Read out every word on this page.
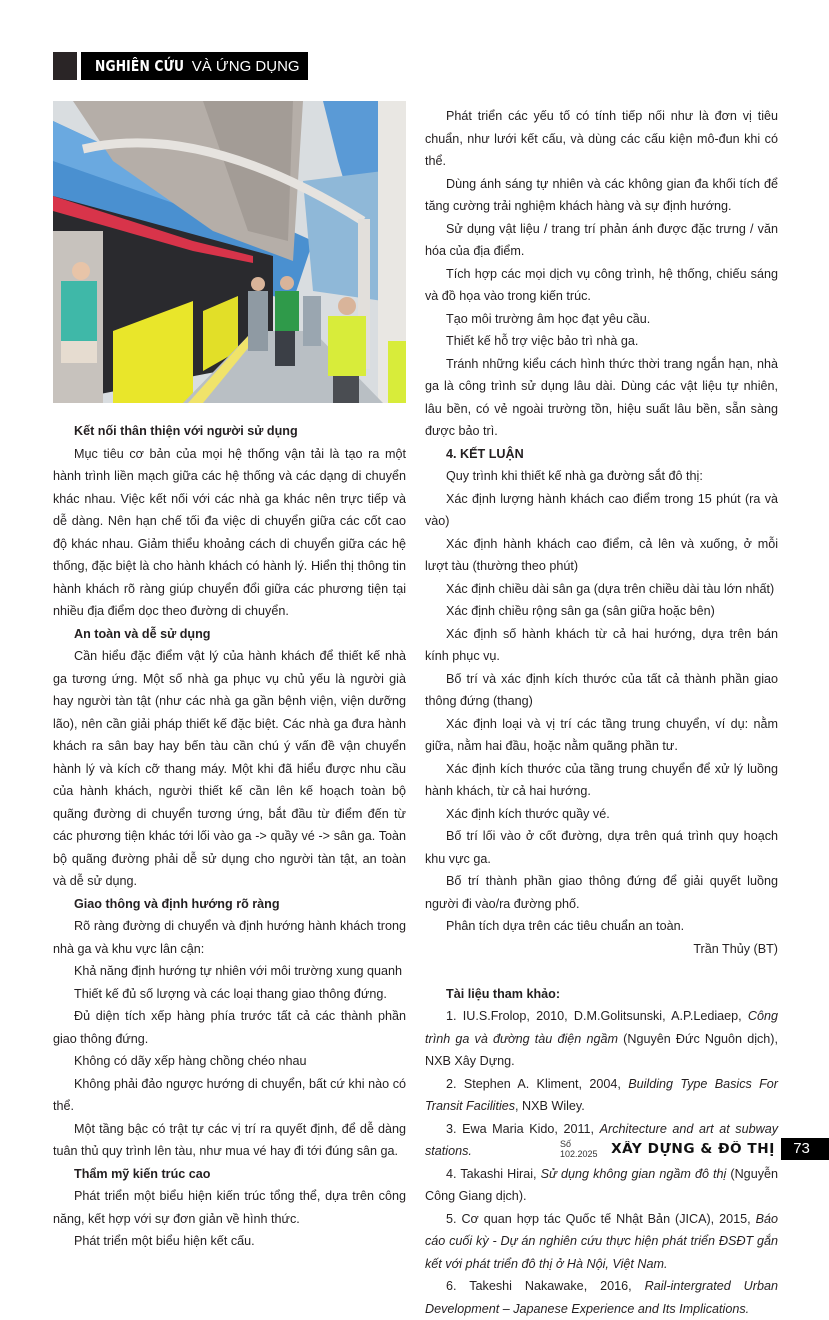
NGHIÊN CỨU VÀ ỨNG DỤNG

Kết nối thân thiện với người sử dụng

Mục tiêu cơ bản của mọi hệ thống vận tải là tạo ra một hành trình liền mạch giữa các hệ thống và các dạng di chuyển khác nhau. Việc kết nối với các nhà ga khác nên trực tiếp và dễ dàng. Nên hạn chế tối đa việc di chuyển giữa các cốt cao độ khác nhau. Giảm thiểu khoảng cách di chuyển giữa các hệ thống, đặc biệt là cho hành khách có hành lý. Hiển thị thông tin hành khách rõ ràng giúp chuyển đổi giữa các phương tiện tại nhiều địa điểm dọc theo đường di chuyển.

An toàn và dễ sử dụng

Cần hiểu đặc điểm vật lý của hành khách để thiết kế nhà ga tương ứng. Một số nhà ga phục vụ chủ yếu là người già hay người tàn tật (như các nhà ga gần bệnh viện, viện dưỡng lão), nên cần giải pháp thiết kế đặc biệt. Các nhà ga đưa hành khách ra sân bay hay bến tàu cần chú ý vấn đề vận chuyển hành lý và kích cỡ thang máy. Một khi đã hiểu được nhu cầu của hành khách, người thiết kế cần lên kế hoạch toàn bộ quãng đường di chuyển tương ứng, bắt đầu từ điểm đến từ các phương tiện khác tới lối vào ga -> quầy vé -> sân ga. Toàn bộ quãng đường phải dễ sử dụng cho người tàn tật, an toàn và dễ sử dụng.

Giao thông và định hướng rõ ràng

Rõ ràng đường di chuyển và định hướng hành khách trong nhà ga và khu vực lân cận:

Khả năng định hướng tự nhiên với môi trường xung quanh

Thiết kế đủ số lượng và các loại thang giao thông đứng.

Đủ diện tích xếp hàng phía trước tất cả các thành phần giao thông đứng.

Không có dãy xếp hàng chồng chéo nhau

Không phải đảo ngược hướng di chuyển, bất cứ khi nào có thể.

Một tầng bậc có trật tự các vị trí ra quyết định, để dễ dàng tuân thủ quy trình lên tàu, như mua vé hay đi tới đúng sân ga.

Thẩm mỹ kiến trúc cao

Phát triển một biểu hiện kiến trúc tổng thể, dựa trên công năng, kết hợp với sự đơn giản về hình thức.

Phát triển một biểu hiện kết cấu.

Phát triển các yếu tố có tính tiếp nối như là đơn vị tiêu chuẩn, như lưới kết cấu, và dùng các cấu kiện mô-đun khi có thể.

Dùng ánh sáng tự nhiên và các không gian đa khối tích để tăng cường trải nghiệm khách hàng và sự định hướng.

Sử dụng vật liệu / trang trí phản ánh được đặc trưng / văn hóa của địa điểm.

Tích hợp các mọi dịch vụ công trình, hệ thống, chiếu sáng và đồ họa vào trong kiến trúc.

Tạo môi trường âm học đạt yêu cầu.

Thiết kế hỗ trợ việc bảo trì nhà ga.

Tránh những kiểu cách hình thức thời trang ngắn hạn, nhà ga là công trình sử dụng lâu dài. Dùng các vật liệu tự nhiên, lâu bền, có vẻ ngoài trường tồn, hiệu suất lâu bền, sẵn sàng được bảo trì.

4. KẾT LUẬN

Quy trình khi thiết kế nhà ga đường sắt đô thị:

Xác định lượng hành khách cao điểm trong 15 phút (ra và vào)

Xác định hành khách cao điểm, cả lên và xuống, ở mỗi lượt tàu (thường theo phút)

Xác định chiều dài sân ga (dựa trên chiều dài tàu lớn nhất)

Xác định chiều rộng sân ga (sân giữa hoặc bên)

Xác định số hành khách từ cả hai hướng, dựa trên bán kính phục vụ.

Bố trí và xác định kích thước của tất cả thành phần giao thông đứng (thang)

Xác định loại và vị trí các tầng trung chuyển, ví dụ: nằm giữa, nằm hai đầu, hoặc nằm quãng phần tư.

Xác định kích thước của tầng trung chuyển để xử lý luồng hành khách, từ cả hai hướng.

Xác định kích thước quầy vé.

Bố trí lối vào ở cốt đường, dựa trên quá trình quy hoạch khu vực ga.

Bố trí thành phần giao thông đứng để giải quyết luồng người đi vào/ra đường phố.

Phân tích dựa trên các tiêu chuẩn an toàn.

Trần Thủy (BT)

Tài liệu tham khảo:

1. IU.S.Frolop, 2010, D.M.Golitsunski, A.P.Lediaep, Công trình ga và đường tàu điện ngầm (Nguyên Đức Nguôn dịch), NXB Xây Dựng.

2. Stephen A. Kliment, 2004, Building Type Basics For Transit Facilities, NXB Wiley.

3. Ewa Maria Kido, 2011, Architecture and art at subway stations.

4. Takashi Hirai, Sử dụng không gian ngầm đô thị (Nguyễn Công Giang dịch).

5. Cơ quan hợp tác Quốc tế Nhật Bản (JICA), 2015, Báo cáo cuối kỳ - Dự án nghiên cứu thực hiện phát triển ĐSĐT gắn kết với phát triển đô thị ở Hà Nội, Việt Nam.

6. Takeshi Nakawake, 2016, Rail-intergrated Urban Development – Japanese Experience and Its Implications.

Số 102.2025	XÂY DỰNG & ĐÔ THỊ	73
